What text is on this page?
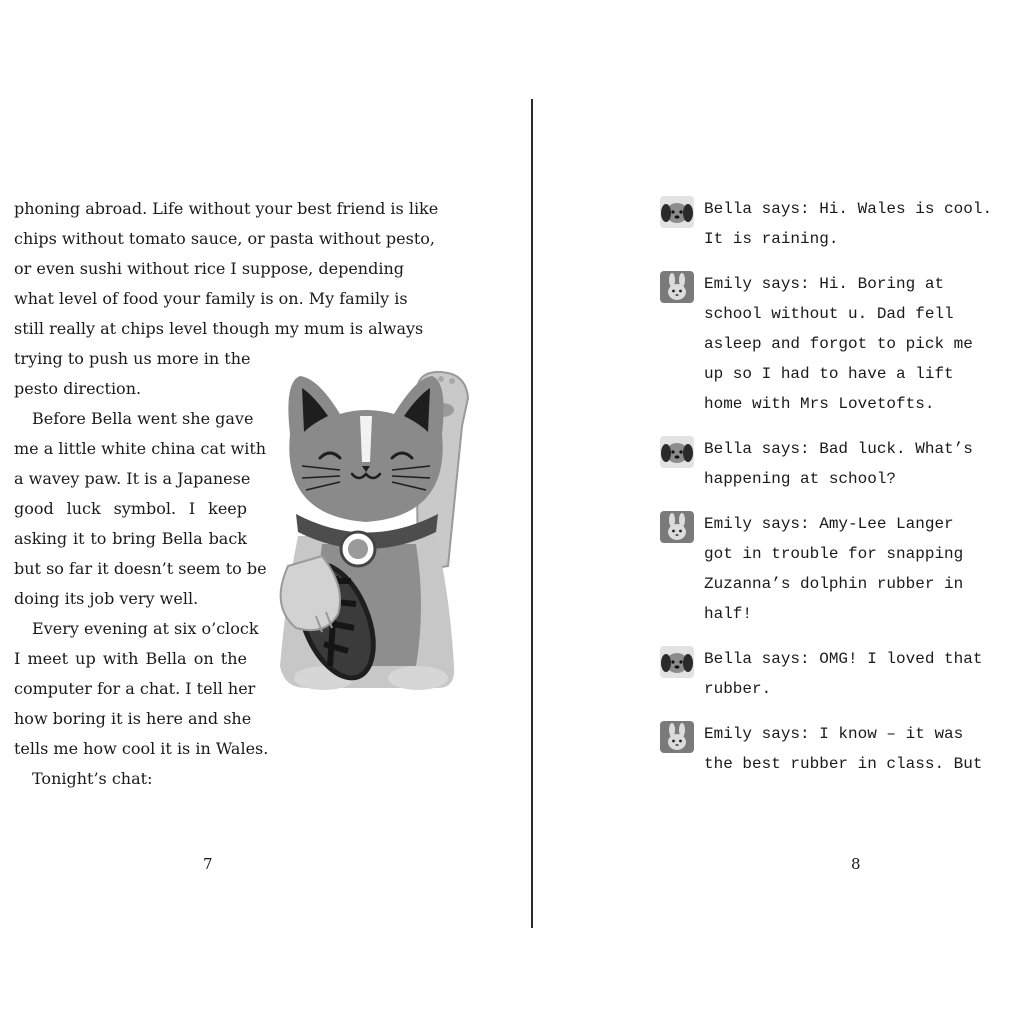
phoning abroad. Life without your best friend is like
chips without tomato sauce, or pasta without pesto,
or even sushi without rice I suppose, depending
what level of food your family is on. My family is
still really at chips level though my mum is always
trying to push us more in the
pesto direction.
Before Bella went she gave
me a little white china cat with
a wavey paw. It is a Japanese
good luck symbol. I keep
asking it to bring Bella back
but so far it doesn’t seem to be
doing its job very well.
Every evening at six o’clock
I meet up with Bella on the
computer for a chat. I tell her
how boring it is here and she
tells me how cool it is in Wales.
Tonight’s chat:
7
Bella says: Hi. Wales is cool.
It is raining.
Emily says: Hi. Boring at
school without u. Dad fell
asleep and forgot to pick me
up so I had to have a lift
home with Mrs Lovetofts.
Bella says: Bad luck. What’s
happening at school?
Emily says: Amy-Lee Langer
got in trouble for snapping
Zuzanna’s dolphin rubber in
half!
Bella says: OMG! I loved that
rubber.
Emily says: I know – it was
the best rubber in class. But
8
